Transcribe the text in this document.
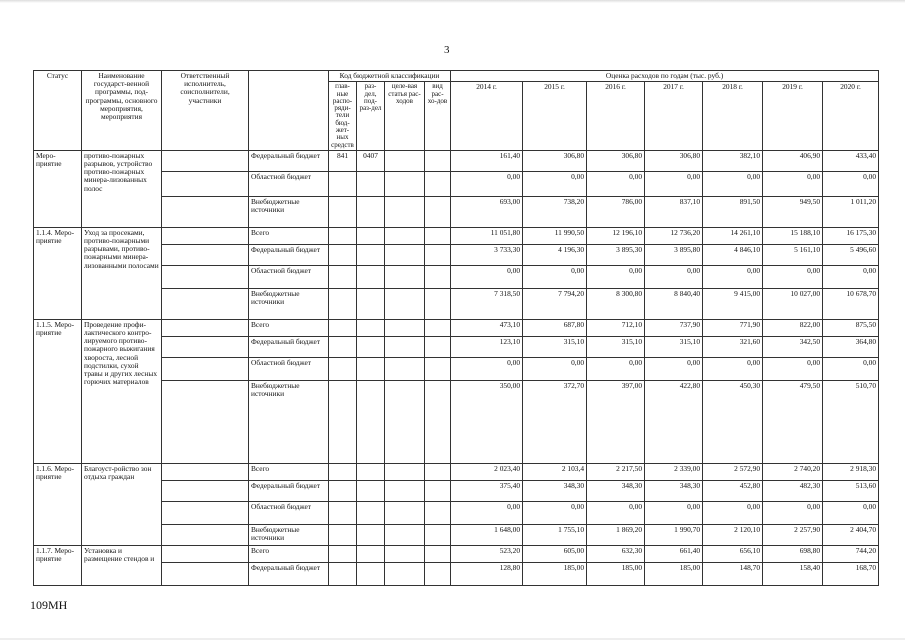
3
Статус	Наименование государст-венной программы, под-программы, основного мероприятия, мероприятия	Ответственный исполнитель, соисполнители, участники		Код бюджетной классификации				Оценка расходов по годам (тыс. руб.)						
				глав-ные распо-ряди-тели бюд-жет-ных средств	раз-дел, под-раз-дел	целе-вая статья рас-ходов	вид рас-хо-дов	2014 г.	2015 г.	2016 г.	2017 г.	2018 г.	2019 г.	2020 г.
Меро-приятие	противо-пожарных разрывов, устройство противо-пожарных минера-лизованных полос		Федеральный бюджет	841	0407			161,40	306,80	306,80	306,80	382,10	406,90	433,40
			Областной бюджет					0,00	0,00	0,00	0,00	0,00	0,00	0,00
			Внебюджетные источники					693,00	738,20	786,00	837,10	891,50	949,50	1 011,20
1.1.4. Меро-приятие	Уход за просеками, противо-пожарными разрывами, противо-пожарными минера-лизованными полосами		Всего					11 051,80	11 990,50	12 196,10	12 736,20	14 261,10	15 188,10	16 175,30
			Федеральный бюджет					3 733,30	4 196,30	3 895,30	3 895,80	4 846,10	5 161,10	5 496,60
			Областной бюджет					0,00	0,00	0,00	0,00	0,00	0,00	0,00
			Внебюджетные источники					7 318,50	7 794,20	8 300,80	8 840,40	9 415,00	10 027,00	10 678,70
1.1.5. Меро-приятие	Проведение профи-лактического контро-лируемого противо-пожарного выжигания хвороста, лесной подстилки, сухой травы и других лесных горючих материалов		Всего					473,10	687,80	712,10	737,90	771,90	822,00	875,50
			Федеральный бюджет					123,10	315,10	315,10	315,10	321,60	342,50	364,80
			Областной бюджет					0,00	0,00	0,00	0,00	0,00	0,00	0,00
			Внебюджетные источники					350,00	372,70	397,00	422,80	450,30	479,50	510,70
1.1.6. Меро-приятие	Благоуст-ройство зон отдыха граждан		Всего					2 023,40	2 103,4	2 217,50	2 339,00	2 572,90	2 740,20	2 918,30
			Федеральный бюджет					375,40	348,30	348,30	348,30	452,80	482,30	513,60
			Областной бюджет					0,00	0,00	0,00	0,00	0,00	0,00	0,00
			Внебюджетные источники					1 648,00	1 755,10	1 869,20	1 990,70	2 120,10	2 257,90	2 404,70
1.1.7. Меро-приятие	Установка и размещение стендов и		Всего					523,20	605,00	632,30	661,40	656,10	698,80	744,20
			Федеральный бюджет					128,80	185,00	185,00	185,00	148,70	158,40	168,70
109МН
